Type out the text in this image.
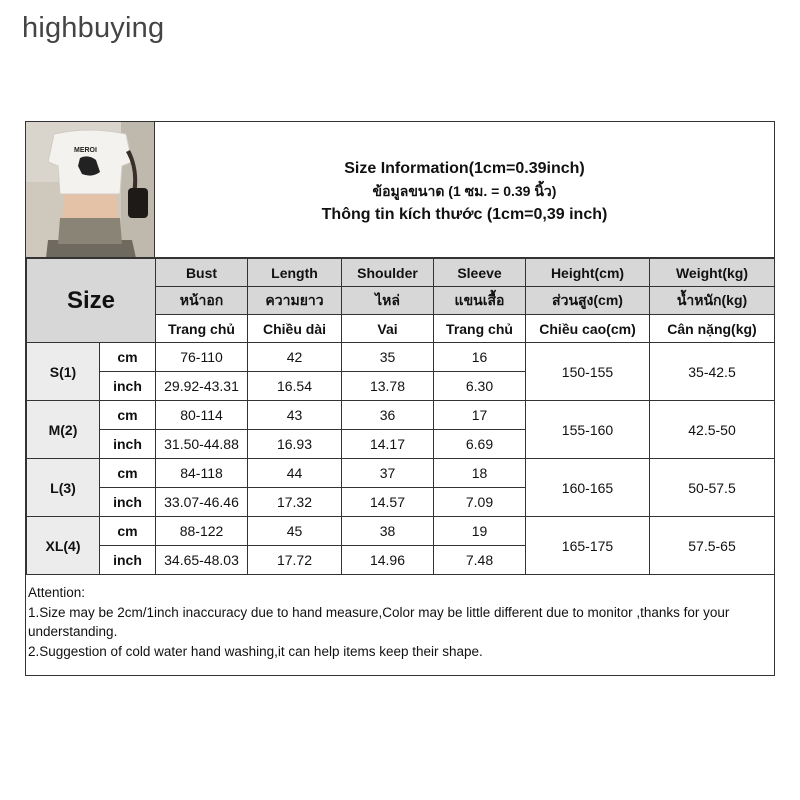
highbuying
MEROI
Size Information(1cm=0.39inch)
ข้อมูลขนาด (1 ซม. = 0.39 นิ้ว)
Thông tin kích thước (1cm=0,39 inch)
Size		Bust	Length	Shoulder	Sleeve	Height(cm)	Weight(kg)
		หน้าอก	ความยาว	ไหล่	แขนเสื้อ	ส่วนสูง(cm)	น้ำหนัก(kg)
		Trang chủ	Chiều dài	Vai	Trang chủ	Chiều cao(cm)	Cân nặng(kg)
S(1)	cm	76-110	42	35	16	150-155	35-42.5
	inch	29.92-43.31	16.54	13.78	6.30		
M(2)	cm	80-114	43	36	17	155-160	42.5-50
	inch	31.50-44.88	16.93	14.17	6.69		
L(3)	cm	84-118	44	37	18	160-165	50-57.5
	inch	33.07-46.46	17.32	14.57	7.09		
XL(4)	cm	88-122	45	38	19	165-175	57.5-65
	inch	34.65-48.03	17.72	14.96	7.48		
Attention:
1.Size may be 2cm/1inch inaccuracy due to hand measure,Color may be little different due to monitor ,thanks for your understanding.
2.Suggestion of cold water hand washing,it can help items keep their shape.
